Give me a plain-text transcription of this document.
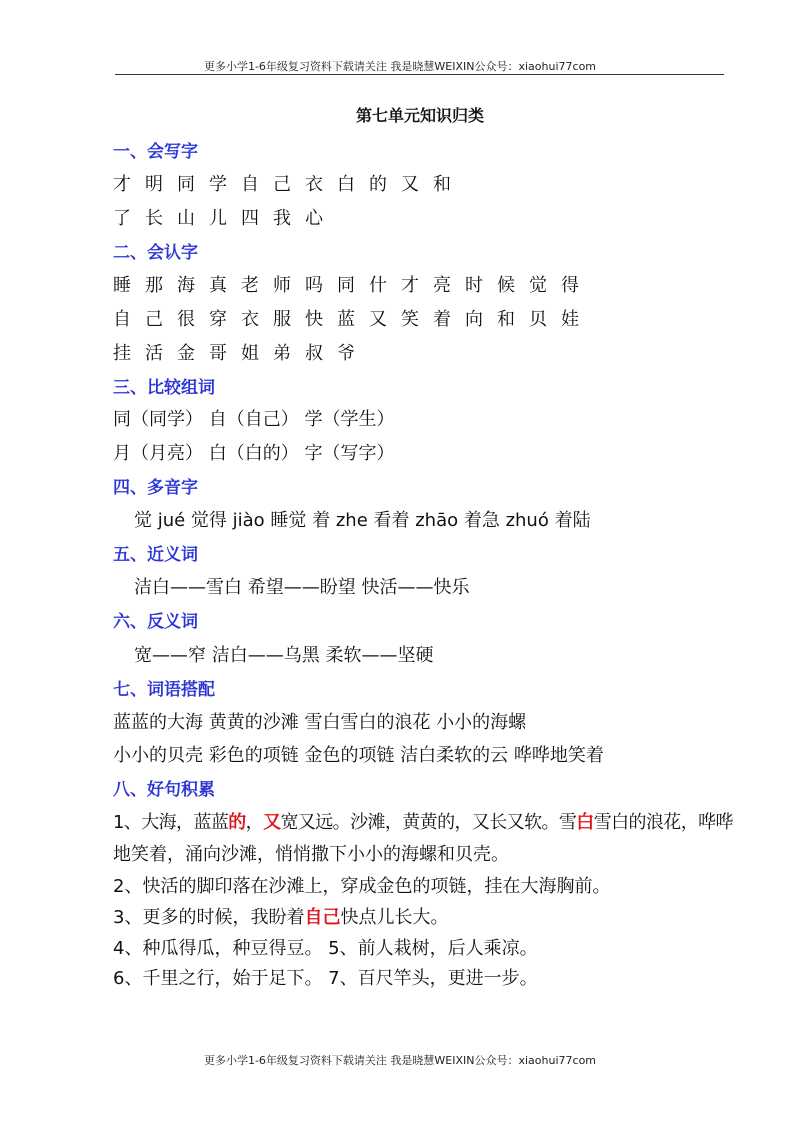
更多小学1-6年级复习资料下载请关注 我是晓慧WEIXIN公众号：xiaohui77com
第七单元知识归类
一、会写字
才明同学自己衣白的又和
了长山儿四我心
二、会认字
睡那海真老师吗同什才亮时候觉得
自己很穿衣服快蓝又笑着向和贝娃
挂活金哥姐弟叔爷
三、比较组词
同（同学） 自（自己） 学（学生）
月（月亮） 白（白的） 字（写字）
四、多音字
觉 jué 觉得 jiào 睡觉 着 zhe 看着 zhāo 着急 zhuó 着陆
五、近义词
洁白——雪白 希望——盼望 快活——快乐
六、反义词
宽——窄 洁白——乌黑 柔软——坚硬
七、词语搭配
蓝蓝的大海 黄黄的沙滩 雪白雪白的浪花 小小的海螺
小小的贝壳 彩色的项链 金色的项链 洁白柔软的云 哗哗地笑着
八、好句积累
1、大海，蓝蓝的，又宽又远。沙滩，黄黄的，又长又软。雪白雪白的浪花，哗哗
地笑着，涌向沙滩，悄悄撒下小小的海螺和贝壳。
2、快活的脚印落在沙滩上，穿成金色的项链，挂在大海胸前。
3、更多的时候，我盼着自己快点儿长大。
4、种瓜得瓜，种豆得豆。 5、前人栽树，后人乘凉。
6、千里之行，始于足下。 7、百尺竿头，更进一步。
更多小学1-6年级复习资料下载请关注 我是晓慧WEIXIN公众号：xiaohui77com
